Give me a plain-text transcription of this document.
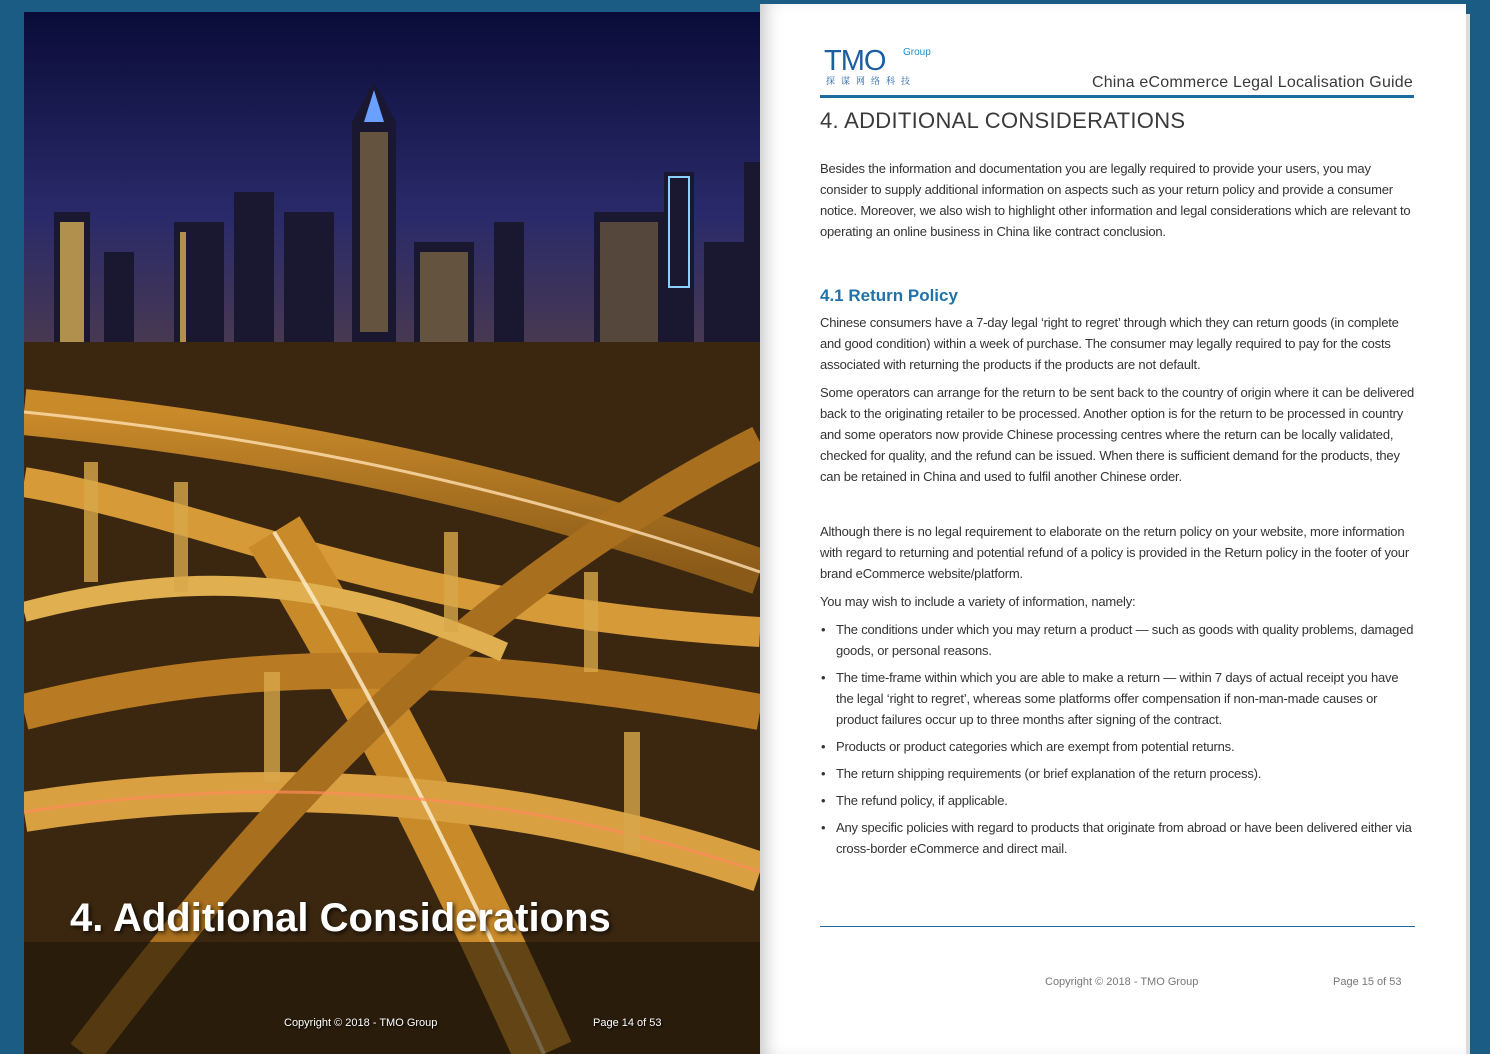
4. Additional Considerations
Copyright © 2018 - TMO Group	Page 14 of 53
TMO Group
探谋网络科技	China eCommerce Legal Localisation Guide
4. ADDITIONAL CONSIDERATIONS

Besides the information and documentation you are legally required to provide your users, you may consider to supply additional information on aspects such as your return policy and provide a consumer notice. Moreover, we also wish to highlight other information and legal considerations which are relevant to operating an online business in China like contract conclusion.

4.1 Return Policy

Chinese consumers have a 7-day legal ‘right to regret’ through which they can return goods (in complete and good condition) within a week of purchase. The consumer may legally required to pay for the costs associated with returning the products if the products are not default.

Some operators can arrange for the return to be sent back to the country of origin where it can be delivered back to the originating retailer to be processed. Another option is for the return to be processed in country and some operators now provide Chinese processing centres where the return can be locally validated, checked for quality, and the refund can be issued. When there is sufficient demand for the products, they can be retained in China and used to fulfil another Chinese order.

Although there is no legal requirement to elaborate on the return policy on your website, more information with regard to returning and potential refund of a policy is provided in the Return policy in the footer of your brand eCommerce website/platform.

You may wish to include a variety of information, namely:

• The conditions under which you may return a product — such as goods with quality problems, damaged goods, or personal reasons.
• The time-frame within which you are able to make a return — within 7 days of actual receipt you have the legal ‘right to regret’, whereas some platforms offer compensation if non-man-made causes or product failures occur up to three months after signing of the contract.
• Products or product categories which are exempt from potential returns.
• The return shipping requirements (or brief explanation of the return process).
• The refund policy, if applicable.
• Any specific policies with regard to products that originate from abroad or have been delivered either via cross-border eCommerce and direct mail.
Copyright © 2018 - TMO Group	Page 15 of 53
